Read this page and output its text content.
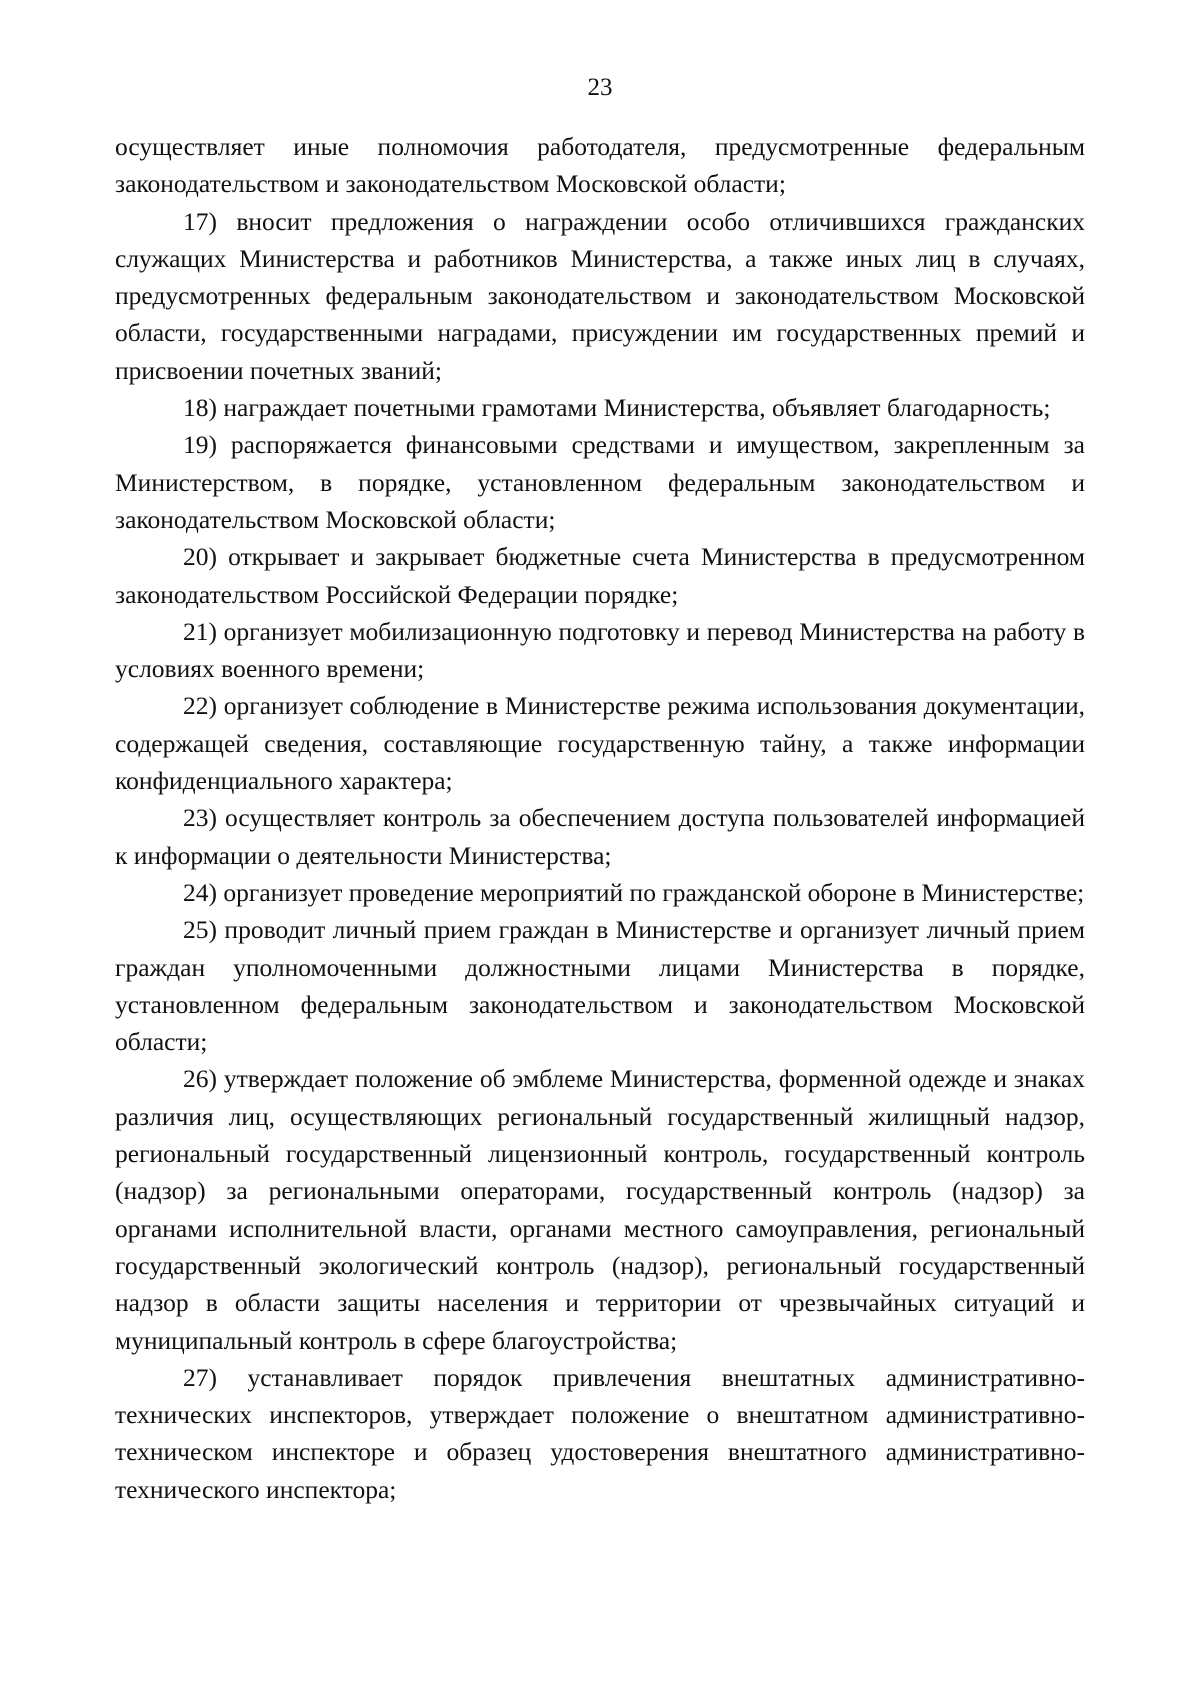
23

осуществляет иные полномочия работодателя, предусмотренные федеральным законодательством и законодательством Московской области;

17) вносит предложения о награждении особо отличившихся гражданских служащих Министерства и работников Министерства, а также иных лиц в случаях, предусмотренных федеральным законодательством и законодательством Московской области, государственными наградами, присуждении им государственных премий и присвоении почетных званий;

18) награждает почетными грамотами Министерства, объявляет благодарность;

19) распоряжается финансовыми средствами и имуществом, закрепленным за Министерством, в порядке, установленном федеральным законодательством и законодательством Московской области;

20) открывает и закрывает бюджетные счета Министерства в предусмотренном законодательством Российской Федерации порядке;

21) организует мобилизационную подготовку и перевод Министерства на работу в условиях военного времени;

22) организует соблюдение в Министерстве режима использования документации, содержащей сведения, составляющие государственную тайну, а также информации конфиденциального характера;

23) осуществляет контроль за обеспечением доступа пользователей информацией к информации о деятельности Министерства;

24) организует проведение мероприятий по гражданской обороне в Министерстве;

25) проводит личный прием граждан в Министерстве и организует личный прием граждан уполномоченными должностными лицами Министерства в порядке, установленном федеральным законодательством и законодательством Московской области;

26) утверждает положение об эмблеме Министерства, форменной одежде и знаках различия лиц, осуществляющих региональный государственный жилищный надзор, региональный государственный лицензионный контроль, государственный контроль (надзор) за региональными операторами, государственный контроль (надзор) за органами исполнительной власти, органами местного самоуправления, региональный государственный экологический контроль (надзор), региональный государственный надзор в области защиты населения и территории от чрезвычайных ситуаций и муниципальный контроль в сфере благоустройства;

27) устанавливает порядок привлечения внештатных административно-технических инспекторов, утверждает положение о внештатном административно-техническом инспекторе и образец удостоверения внештатного административно-технического инспектора;
